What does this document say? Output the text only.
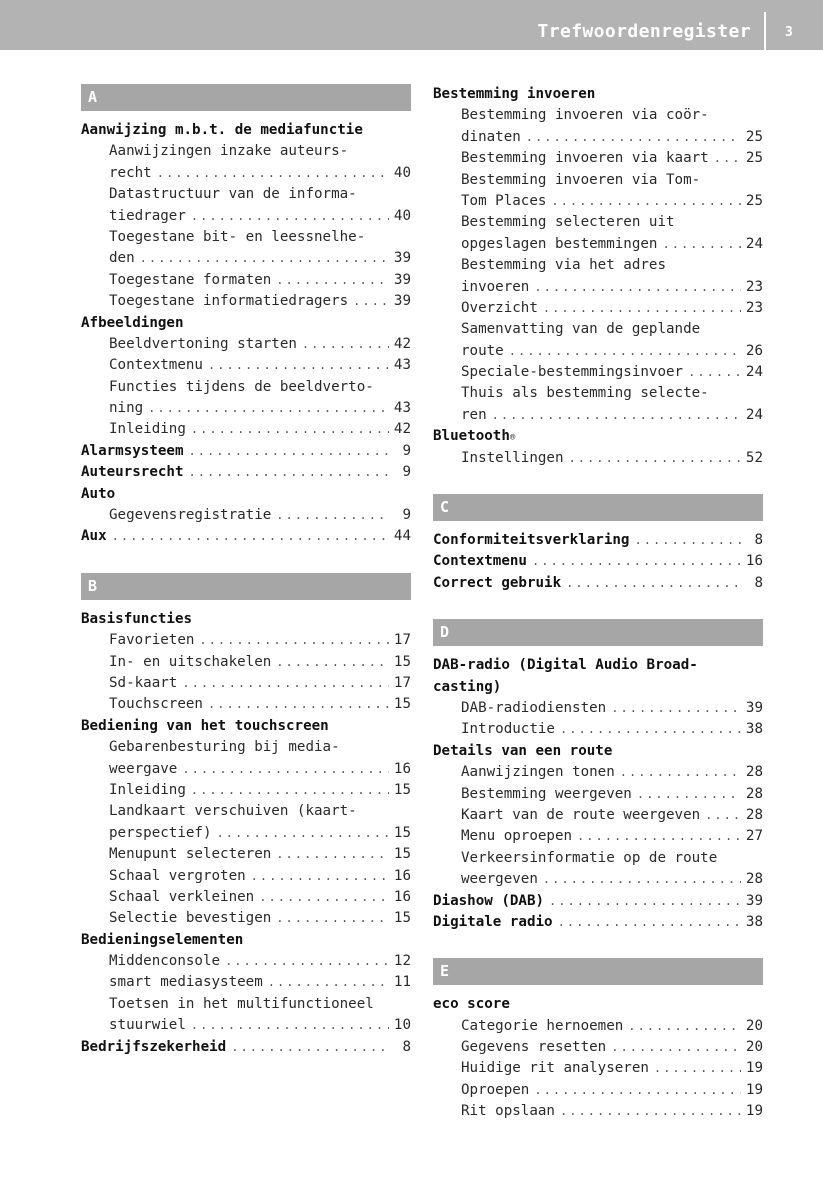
Trefwoordenregister	3
A
Aanwijzing m.b.t. de mediafunctie
Aanwijzingen inzake auteurs-
recht . . .	40
Datastructuur van de informa-
tiedrager . . .	40
Toegestane bit- en leessnelhe-
den . . .	39
Toegestane formaten . . .	39
Toegestane informatiedragers . . .	39
Afbeeldingen
Beeldvertoning starten . . .	42
Contextmenu . . .	43
Functies tijdens de beeldverto-
ning . . .	43
Inleiding . . .	42
Alarmsysteem . . .	9
Auteursrecht . . .	9
Auto
Gegevensregistratie . . .	9
Aux . . .	44
B
Basisfuncties
Favorieten . . .	17
In- en uitschakelen . . .	15
Sd-kaart . . .	17
Touchscreen . . .	15
Bediening van het touchscreen
Gebarenbesturing bij media-
weergave . . .	16
Inleiding . . .	15
Landkaart verschuiven (kaart-
perspectief) . . .	15
Menupunt selecteren . . .	15
Schaal vergroten . . .	16
Schaal verkleinen . . .	16
Selectie bevestigen . . .	15
Bedieningselementen
Middenconsole . . .	12
smart mediasysteem . . .	11
Toetsen in het multifunctioneel
stuurwiel . . .	10
Bedrijfszekerheid . . .	8
Bestemming invoeren
Bestemming invoeren via coör-
dinaten . . .	25
Bestemming invoeren via kaart . . .	25
Bestemming invoeren via Tom-
Tom Places . . .	25
Bestemming selecteren uit
opgeslagen bestemmingen . . .	24
Bestemming via het adres
invoeren . . .	23
Overzicht . . .	23
Samenvatting van de geplande
route . . .	26
Speciale-bestemmingsinvoer . . .	24
Thuis als bestemming selecte-
ren . . .	24
Bluetooth ®
Instellingen . . .	52
C
Conformiteitsverklaring . . .	8
Contextmenu . . .	16
Correct gebruik . . .	8
D
DAB-radio (Digital Audio Broad-
casting)
DAB-radiodiensten . . .	39
Introductie . . .	38
Details van een route
Aanwijzingen tonen . . .	28
Bestemming weergeven . . .	28
Kaart van de route weergeven . . .	28
Menu oproepen . . .	27
Verkeersinformatie op de route
weergeven . . .	28
Diashow (DAB) . . .	39
Digitale radio . . .	38
E
eco score
Categorie hernoemen . . .	20
Gegevens resetten . . .	20
Huidige rit analyseren . . .	19
Oproepen . . .	19
Rit opslaan . . .	19
